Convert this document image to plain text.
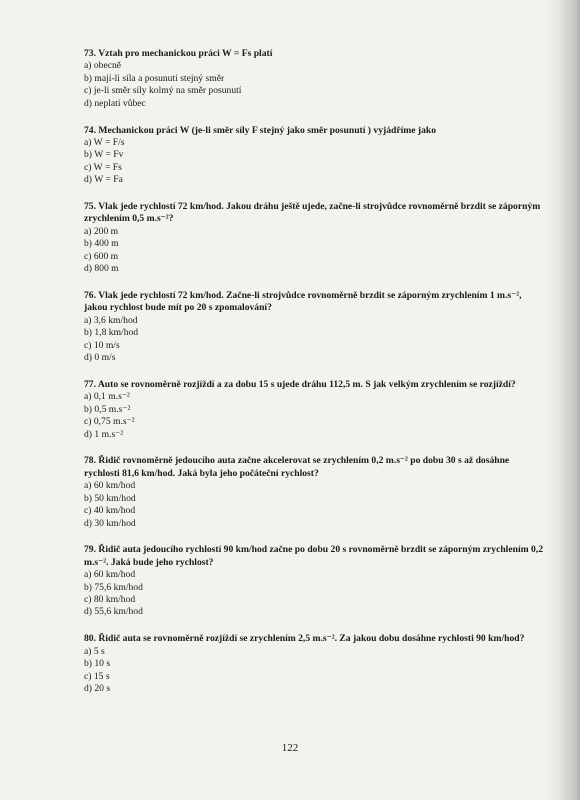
73. Vztah pro mechanickou práci W = Fs platí
a) obecně
b) mají-li síla a posunutí stejný směr
c) je-li směr síly kolmý na směr posunutí
d) neplatí vůbec
74. Mechanickou práci W (je-li směr síly F stejný jako směr posunutí ) vyjádříme jako
a) W = F/s
b) W = Fv
c) W = Fs
d) W = Fa
75. Vlak jede rychlostí 72 km/hod. Jakou dráhu ještě ujede, začne-li strojvůdce rovnoměrně brzdit se záporným zrychlením 0,5 m.s⁻²?
a) 200 m
b) 400 m
c) 600 m
d) 800 m
76. Vlak jede rychlostí 72 km/hod. Začne-li strojvůdce rovnoměrně brzdit se záporným zrychlením 1 m.s⁻², jakou rychlost bude mít po 20 s zpomalování?
a) 3,6 km/hod
b) 1,8 km/hod
c) 10 m/s
d) 0 m/s
77. Auto se rovnoměrně rozjíždí a za dobu 15 s ujede dráhu 112,5 m. S jak velkým zrychlením se rozjíždí?
a) 0,1 m.s⁻²
b) 0,5 m.s⁻²
c) 0,75 m.s⁻²
d) 1 m.s⁻²
78. Řidič rovnoměrně jedoucího auta začne akcelerovat se zrychlením 0,2 m.s⁻² po dobu 30 s až dosáhne rychlosti 81,6 km/hod. Jaká byla jeho počáteční rychlost?
a) 60 km/hod
b) 50 km/hod
c) 40 km/hod
d) 30 km/hod
79. Řidič auta jedoucího rychlostí 90 km/hod začne po dobu 20 s rovnoměrně brzdit se záporným zrychlením 0,2 m.s⁻². Jaká bude jeho rychlost?
a) 60 km/hod
b) 75,6 km/hod
c) 80 km/hod
d) 55,6 km/hod
80. Řidič auta se rovnoměrně rozjíždí se zrychlením 2,5 m.s⁻². Za jakou dobu dosáhne rychlosti 90 km/hod?
a) 5 s
b) 10 s
c) 15 s
d) 20 s
122
